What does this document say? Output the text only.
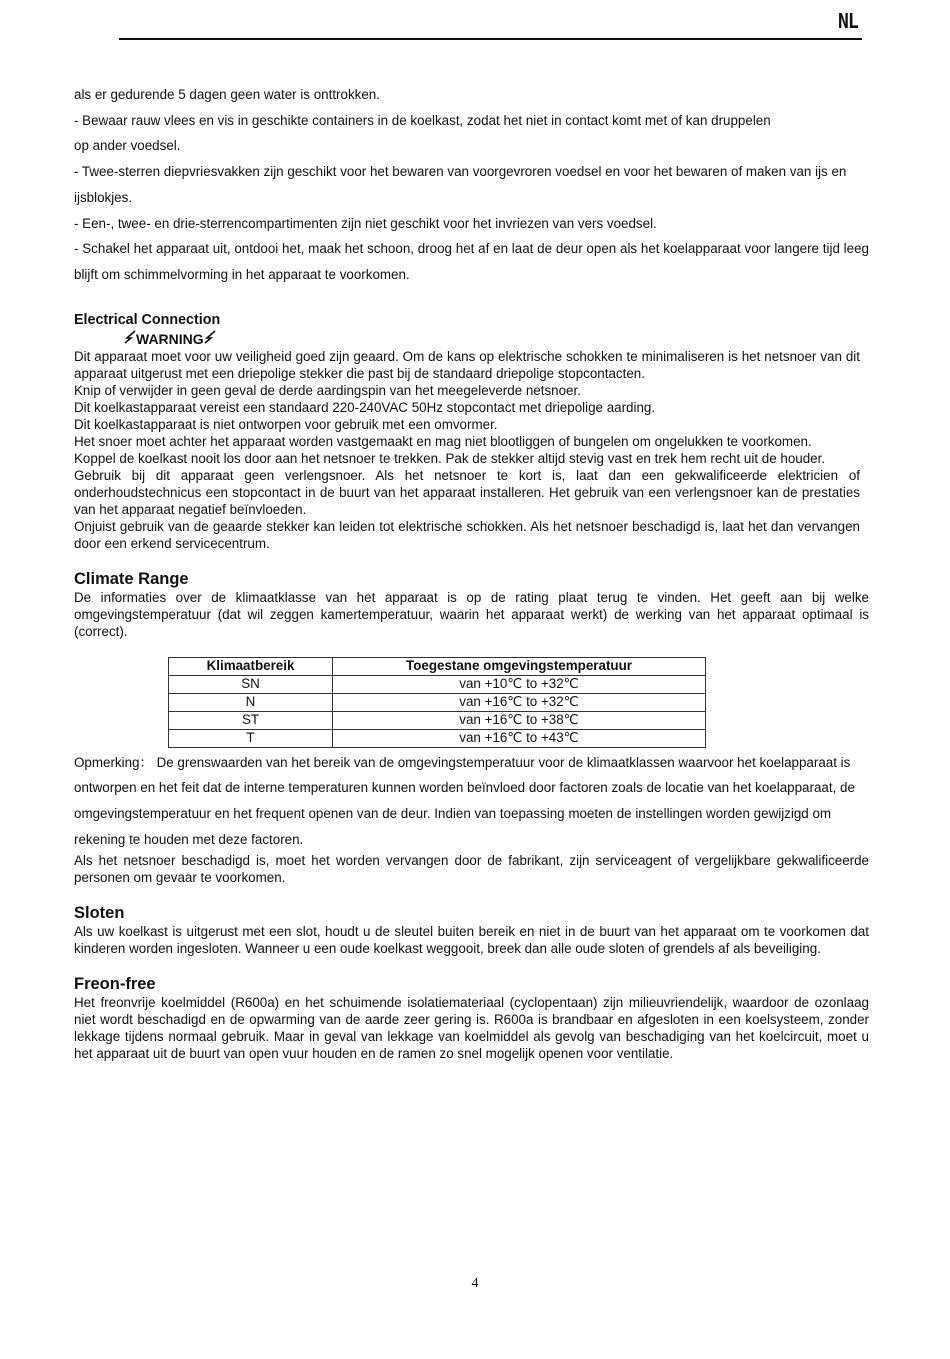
NL

als er gedurende 5 dagen geen water is onttrokken.

- Bewaar rauw vlees en vis in geschikte containers in de koelkast, zodat het niet in contact komt met of kan druppelen op ander voedsel.

- Twee-sterren diepvriesvakken zijn geschikt voor het bewaren van voorgevroren voedsel en voor het bewaren of maken van ijs en ijsblokjes.

- Een-, twee- en drie-sterrencompartimenten zijn niet geschikt voor het invriezen van vers voedsel.

- Schakel het apparaat uit, ontdooi het, maak het schoon, droog het af en laat de deur open als het koelapparaat voor langere tijd leeg blijft om schimmelvorming in het apparaat te voorkomen.

Electrical Connection

WARNING

Dit apparaat moet voor uw veiligheid goed zijn geaard. Om de kans op elektrische schokken te minimaliseren is het netsnoer van dit apparaat uitgerust met een driepolige stekker die past bij de standaard driepolige stopcontacten.

Knip of verwijder in geen geval de derde aardingspin van het meegeleverde netsnoer.

Dit koelkastapparaat vereist een standaard 220-240VAC 50Hz stopcontact met driepolige aarding.

Dit koelkastapparaat is niet ontworpen voor gebruik met een omvormer.

Het snoer moet achter het apparaat worden vastgemaakt en mag niet blootliggen of bungelen om ongelukken te voorkomen.

Koppel de koelkast nooit los door aan het netsnoer te trekken. Pak de stekker altijd stevig vast en trek hem recht uit de houder.

Gebruik bij dit apparaat geen verlengsnoer. Als het netsnoer te kort is, laat dan een gekwalificeerde elektricien of onderhoudstechnicus een stopcontact in de buurt van het apparaat installeren. Het gebruik van een verlengsnoer kan de prestaties van het apparaat negatief beïnvloeden.

Onjuist gebruik van de geaarde stekker kan leiden tot elektrische schokken. Als het netsnoer beschadigd is, laat het dan vervangen door een erkend servicecentrum.

Climate Range

De informaties over de klimaatklasse van het apparaat is op de rating plaat terug te vinden. Het geeft aan bij welke omgevingstemperatuur (dat wil zeggen kamertemperatuur, waarin het apparaat werkt) de werking van het apparaat optimaal is (correct).

Klimaatbereik	Toegestane omgevingstemperatuur
SN	van +10℃ to +32℃
N	van +16℃ to +32℃
ST	van +16℃ to +38℃
T	van +16℃ to +43℃

Opmerking： De grenswaarden van het bereik van de omgevingstemperatuur voor de klimaatklassen waarvoor het koelapparaat is ontworpen en het feit dat de interne temperaturen kunnen worden beïnvloed door factoren zoals de locatie van het koelapparaat, de omgevingstemperatuur en het frequent openen van de deur. Indien van toepassing moeten de instellingen worden gewijzigd om rekening te houden met deze factoren.

Als het netsnoer beschadigd is, moet het worden vervangen door de fabrikant, zijn serviceagent of vergelijkbare gekwalificeerde personen om gevaar te voorkomen.

Sloten

Als uw koelkast is uitgerust met een slot, houdt u de sleutel buiten bereik en niet in de buurt van het apparaat om te voorkomen dat kinderen worden ingesloten. Wanneer u een oude koelkast weggooit, breek dan alle oude sloten of grendels af als beveiliging.

Freon-free

Het freonvrije koelmiddel (R600a) en het schuimende isolatiemateriaal (cyclopentaan) zijn milieuvriendelijk, waardoor de ozonlaag niet wordt beschadigd en de opwarming van de aarde zeer gering is. R600a is brandbaar en afgesloten in een koelsysteem, zonder lekkage tijdens normaal gebruik. Maar in geval van lekkage van koelmiddel als gevolg van beschadiging van het koelcircuit, moet u het apparaat uit de buurt van open vuur houden en de ramen zo snel mogelijk openen voor ventilatie.

4
